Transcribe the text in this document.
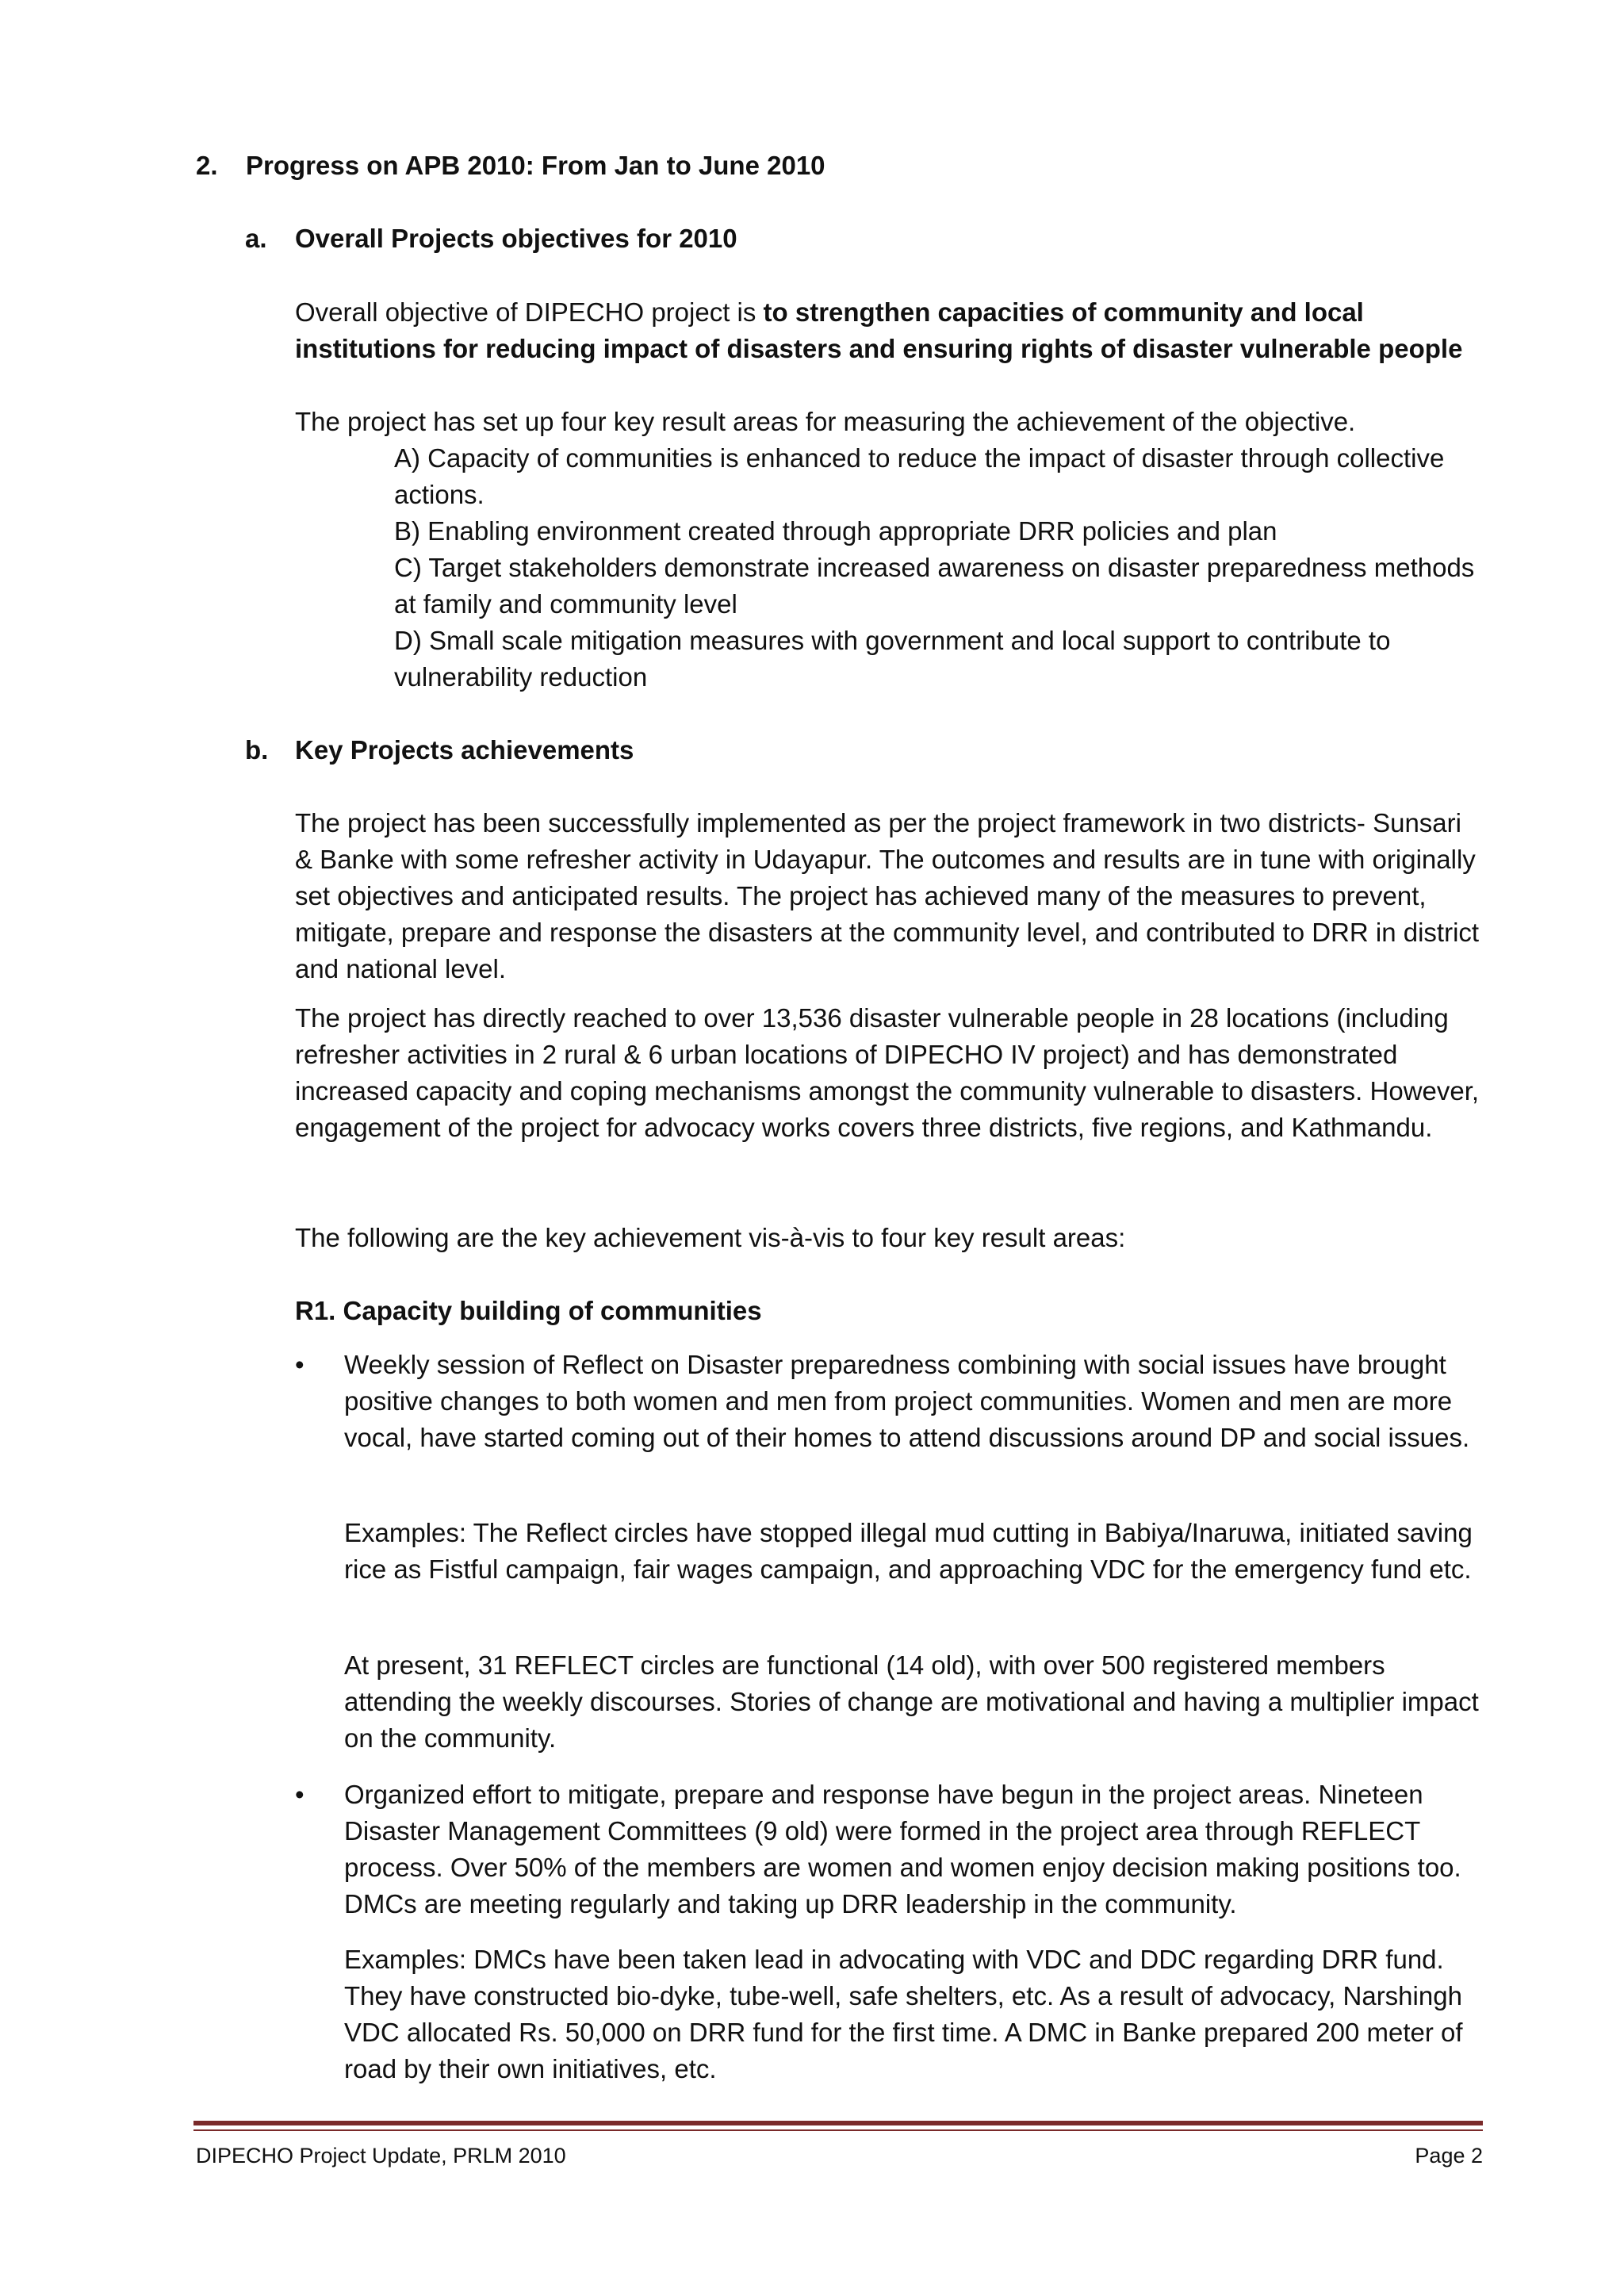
2. Progress on APB 2010: From Jan to June 2010
a. Overall Projects objectives for 2010

Overall objective of DIPECHO project is to strengthen capacities of community and local institutions for reducing impact of disasters and ensuring rights of disaster vulnerable people

The project has set up four key result areas for measuring the achievement of the objective.

A) Capacity of communities is enhanced to reduce the impact of disaster through collective actions.

B) Enabling environment created through appropriate DRR policies and plan

C) Target stakeholders demonstrate increased awareness on disaster preparedness methods at family and community level

D) Small scale mitigation measures with government and local support to contribute to vulnerability reduction

b. Key Projects achievements

The project has been successfully implemented as per the project framework in two districts- Sunsari & Banke with some refresher activity in Udayapur. The outcomes and results are in tune with originally set objectives and anticipated results. The project has achieved many of the measures to prevent, mitigate, prepare and response the disasters at the community level, and contributed to DRR in district and national level.

The project has directly reached to over 13,536 disaster vulnerable people in 28 locations (including refresher activities in 2 rural & 6 urban locations of DIPECHO IV project) and has demonstrated increased capacity and coping mechanisms amongst the community vulnerable to disasters. However, engagement of the project for advocacy works covers three districts, five regions, and Kathmandu.

The following are the key achievement vis-à-vis to four key result areas:

R1. Capacity building of communities
• Weekly session of Reflect on Disaster preparedness combining with social issues have brought positive changes to both women and men from project communities. Women and men are more vocal, have started coming out of their homes to attend discussions around DP and social issues.

Examples: The Reflect circles have stopped illegal mud cutting in Babiya/Inaruwa, initiated saving rice as Fistful campaign, fair wages campaign, and approaching VDC for the emergency fund etc.

At present, 31 REFLECT circles are functional (14 old), with over 500 registered members attending the weekly discourses. Stories of change are motivational and having a multiplier impact on the community.

• Organized effort to mitigate, prepare and response have begun in the project areas. Nineteen Disaster Management Committees (9 old) were formed in the project area through REFLECT process. Over 50% of the members are women and women enjoy decision making positions too. DMCs are meeting regularly and taking up DRR leadership in the community.

Examples: DMCs have been taken lead in advocating with VDC and DDC regarding DRR fund. They have constructed bio-dyke, tube-well, safe shelters, etc. As a result of advocacy, Narshingh VDC allocated Rs. 50,000 on DRR fund for the first time. A DMC in Banke prepared 200 meter of road by their own initiatives, etc.

DIPECHO Project Update, PRLM 2010	Page 2
